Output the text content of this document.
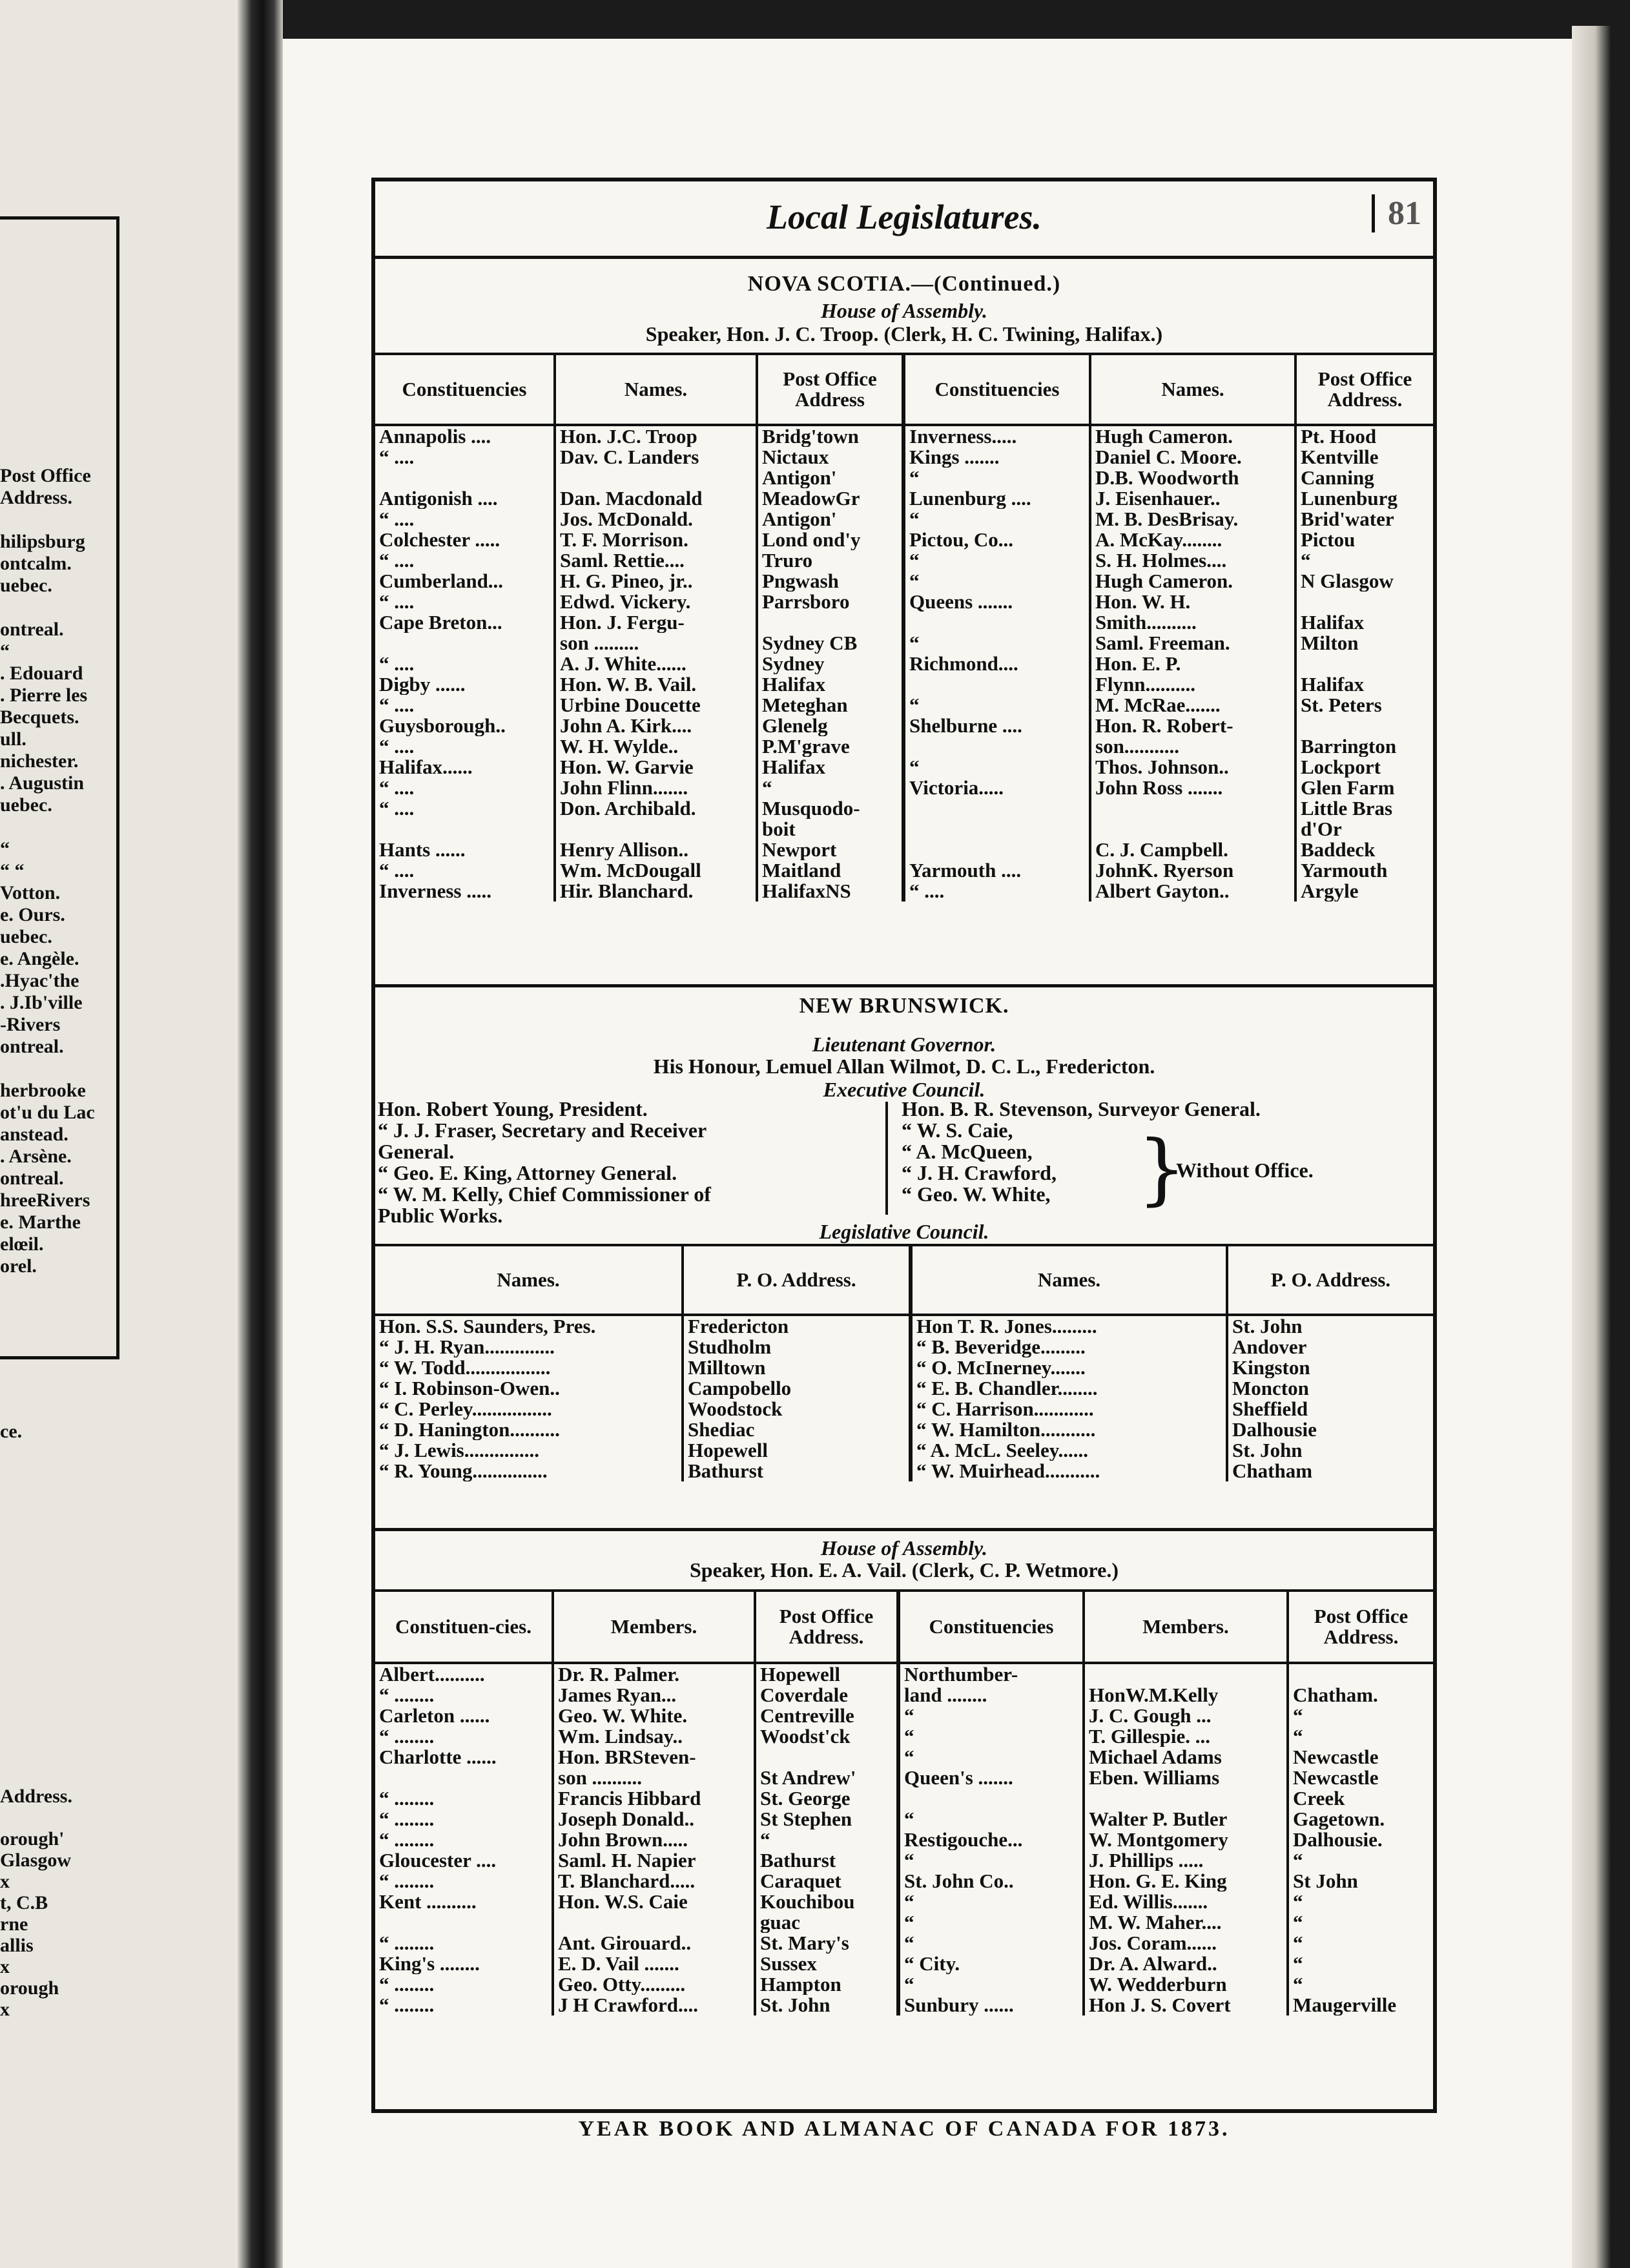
Post Office
Address.
hilipsburg
ontcalm.
uebec.
ontreal.
“
. Edouard
. Pierre les
Becquets.
ull.
nichester.
. Augustin
uebec.
“
“ “
Votton.
e. Ours.
uebec.
e. Angèle.
.Hyac'the
. J.Ib'ville
-Rivers
ontreal.
herbrooke
ot'u du Lac
anstead.
. Arsène.
ontreal.
hreeRivers
e. Marthe
elœil.
orel.
ce.
Address.
orough'
Glasgow
x
t, C.B
rne
allis
x
orough
x
Local Legislatures.	81
NOVA SCOTIA.—(Continued.)
House of Assembly.
Speaker, Hon. J. C. Troop. (Clerk, H. C. Twining, Halifax.)
Constituencies	Names.	Post Office Address	Constituencies	Names.	Post Office Address.
Annapolis ....	Hon. J.C. Troop	Bridg'town	Inverness.....	Hugh Cameron.	Pt. Hood
“ ....	Dav. C. Landers	Nictaux	Kings .......	Daniel C. Moore.	Kentville
		Antigon'	“	D.B. Woodworth	Canning
Antigonish ....	Dan. Macdonald	MeadowGr	Lunenburg ....	J. Eisenhauer..	Lunenburg
“ ....	Jos. McDonald.	Antigon'	“	M. B. DesBrisay.	Brid'water
Colchester .....	T. F. Morrison.	Lond ond'y	Pictou, Co...	A. McKay........	Pictou
“ ....	Saml. Rettie....	Truro	“	S. H. Holmes....	“
Cumberland...	H. G. Pineo, jr..	Pngwash	“	Hugh Cameron.	N Glasgow
“ ....	Edwd. Vickery.	Parrsboro	Queens .......	Hon. W. H.	
Cape Breton...	Hon. J. Fergu-			Smith..........	Halifax
	son .........	Sydney CB	“	Saml. Freeman.	Milton
“ ....	A. J. White......	Sydney	Richmond....	Hon. E. P.	
Digby ......	Hon. W. B. Vail.	Halifax		Flynn..........	Halifax
“ ....	Urbine Doucette	Meteghan	“	M. McRae.......	St. Peters
Guysborough..	John A. Kirk....	Glenelg	Shelburne ....	Hon. R. Robert-	
“ ....	W. H. Wylde..	P.M'grave		son...........	Barrington
Halifax......	Hon. W. Garvie	Halifax	“	Thos. Johnson..	Lockport
“ ....	John Flinn.......	“	Victoria.....	John Ross .......	Glen Farm
“ ....	Don. Archibald.	Musquodo-			Little Bras
		boit			d'Or
Hants ......	Henry Allison..	Newport		C. J. Campbell.	Baddeck
“ ....	Wm. McDougall	Maitland	Yarmouth ....	JohnK. Ryerson	Yarmouth
Inverness .....	Hir. Blanchard.	HalifaxNS	“ ....	Albert Gayton..	Argyle
NEW BRUNSWICK.
Lieutenant Governor.
His Honour, Lemuel Allan Wilmot, D. C. L., Fredericton.
Executive Council.
Hon. Robert Young, President.
“ J. J. Fraser, Secretary and Receiver
General.
“ Geo. E. King, Attorney General.
“ W. M. Kelly, Chief Commissioner of
Public Works.
Hon. B. R. Stevenson, Surveyor General.
“ W. S. Caie,
“ A. McQueen,
“ J. H. Crawford,
“ Geo. W. White,	}
Without Office.
Legislative Council.
Names.	P. O. Address.	Names.	P. O. Address.
Hon. S.S. Saunders, Pres.	Fredericton	Hon T. R. Jones.........	St. John
“ J. H. Ryan..............	Studholm	“ B. Beveridge.........	Andover
“ W. Todd.................	Milltown	“ O. McInerney.......	Kingston
“ I. Robinson-Owen..	Campobello	“ E. B. Chandler........	Moncton
“ C. Perley................	Woodstock	“ C. Harrison............	Sheffield
“ D. Hanington..........	Shediac	“ W. Hamilton...........	Dalhousie
“ J. Lewis...............	Hopewell	“ A. McL. Seeley......	St. John
“ R. Young...............	Bathurst	“ W. Muirhead...........	Chatham
House of Assembly.
Speaker, Hon. E. A. Vail. (Clerk, C. P. Wetmore.)
Constituen-cies.	Members.	Post Office Address.	Constituencies	Members.	Post Office Address.
Albert..........	Dr. R. Palmer.	Hopewell	Northumber-		
“ ........	James Ryan...	Coverdale	land ........	HonW.M.Kelly	Chatham.
Carleton ......	Geo. W. White.	Centreville	“	J. C. Gough ...	“
“ ........	Wm. Lindsay..	Woodst'ck	“	T. Gillespie. ...	“
Charlotte ......	Hon. BRSteven-		“	Michael Adams	Newcastle
	son ..........	St Andrew'	Queen's .......	Eben. Williams	Newcastle
“ ........	Francis Hibbard	St. George			Creek
“ ........	Joseph Donald..	St Stephen	“	Walter P. Butler	Gagetown.
“ ........	John Brown.....	“	Restigouche...	W. Montgomery	Dalhousie.
Gloucester ....	Saml. H. Napier	Bathurst	“	J. Phillips .....	“
“ ........	T. Blanchard.....	Caraquet	St. John Co..	Hon. G. E. King	St John
Kent ..........	Hon. W.S. Caie	Kouchibou	“	Ed. Willis.......	“
		guac	“	M. W. Maher....	“
“ ........	Ant. Girouard..	St. Mary's	“	Jos. Coram......	“
King's ........	E. D. Vail .......	Sussex	“ City.	Dr. A. Alward..	“
“ ........	Geo. Otty.........	Hampton	“	W. Wedderburn	“
“ ........	J H Crawford....	St. John	Sunbury ......	Hon J. S. Covert	Maugerville
YEAR BOOK AND ALMANAC OF CANADA FOR 1873.
